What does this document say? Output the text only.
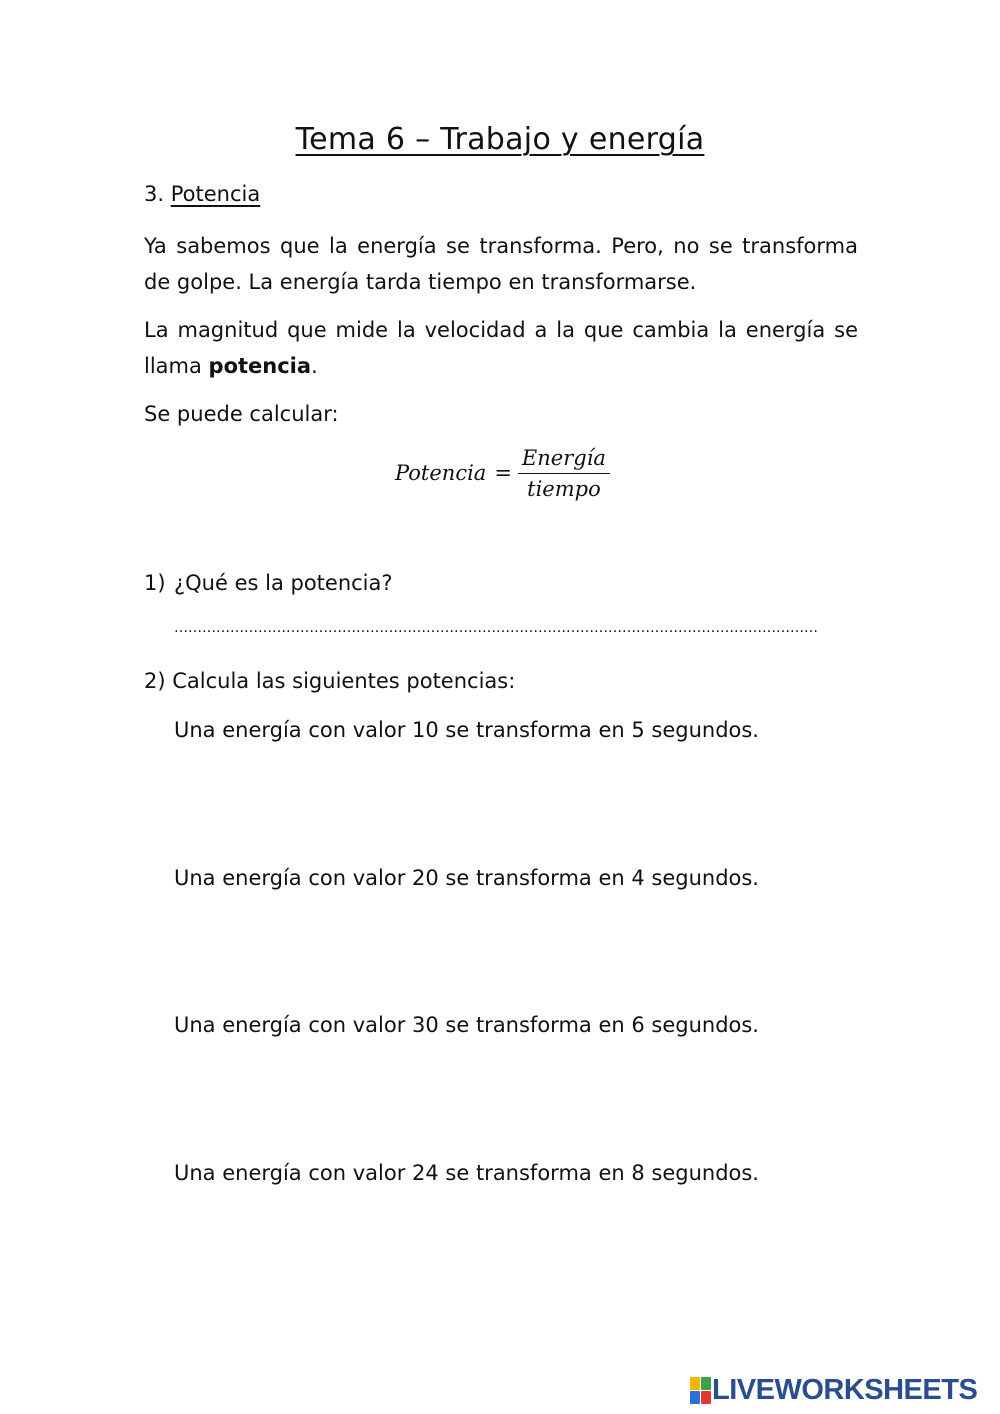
Tema 6 – Trabajo y energía
3. Potencia
Ya sabemos que la energía se transforma. Pero, no se transforma de golpe. La energía tarda tiempo en transformarse.
La magnitud que mide la velocidad a la que cambia la energía se llama potencia.
Se puede calcular:
Potencia = $\frac{\text{Energía}}{\text{tiempo}}$
1) ¿Qué es la potencia?
…………………………………………………………………………………………………………………………
2) Calcula las siguientes potencias:
Una energía con valor 10 se transforma en 5 segundos.
Una energía con valor 20 se transforma en 4 segundos.
Una energía con valor 30 se transforma en 6 segundos.
Una energía con valor 24 se transforma en 8 segundos.
LIVEWORKSHEETS
